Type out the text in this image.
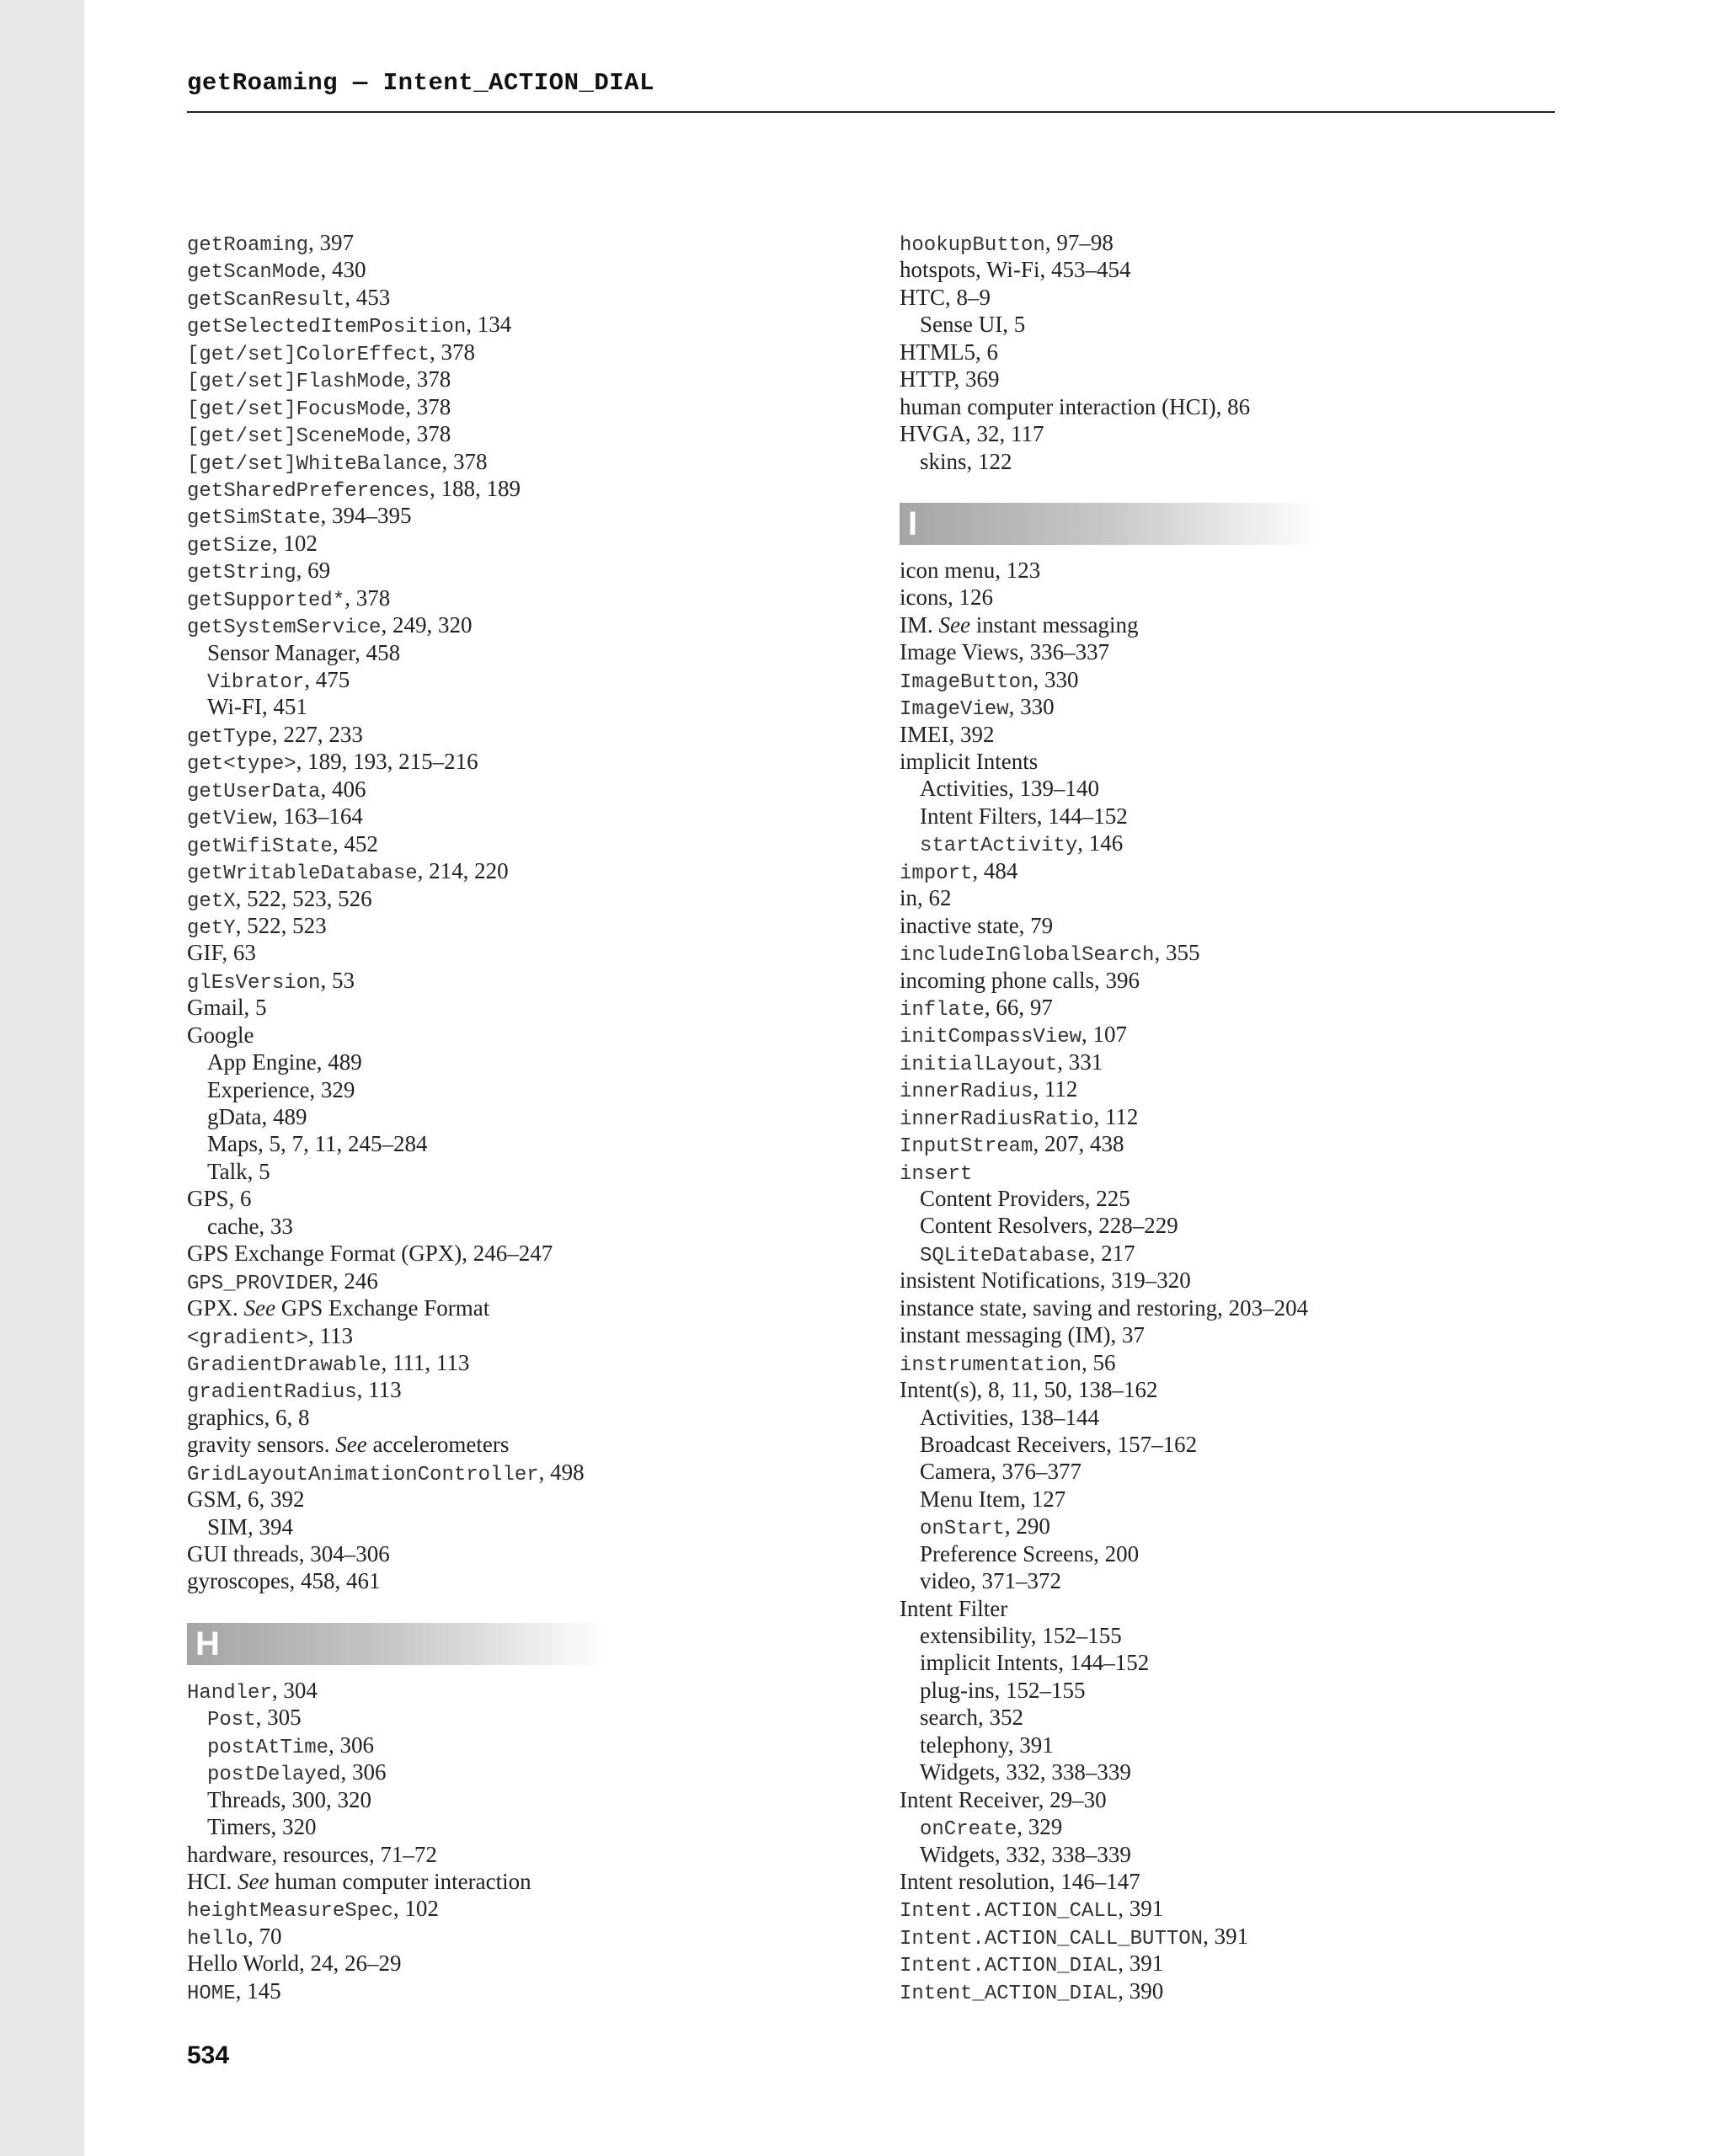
getRoaming — Intent_ACTION_DIAL
getRoaming, 397
getScanMode, 430
getScanResult, 453
getSelectedItemPosition, 134
[get/set]ColorEffect, 378
[get/set]FlashMode, 378
[get/set]FocusMode, 378
[get/set]SceneMode, 378
[get/set]WhiteBalance, 378
getSharedPreferences, 188, 189
getSimState, 394–395
getSize, 102
getString, 69
getSupported*, 378
getSystemService, 249, 320
Sensor Manager, 458
Vibrator, 475
Wi-FI, 451
getType, 227, 233
get<type>, 189, 193, 215–216
getUserData, 406
getView, 163–164
getWifiState, 452
getWritableDatabase, 214, 220
getX, 522, 523, 526
getY, 522, 523
GIF, 63
glEsVersion, 53
Gmail, 5
Google
App Engine, 489
Experience, 329
gData, 489
Maps, 5, 7, 11, 245–284
Talk, 5
GPS, 6
cache, 33
GPS Exchange Format (GPX), 246–247
GPS_PROVIDER, 246
GPX. See GPS Exchange Format
<gradient>, 113
GradientDrawable, 111, 113
gradientRadius, 113
graphics, 6, 8
gravity sensors. See accelerometers
GridLayoutAnimationController, 498
GSM, 6, 392
SIM, 394
GUI threads, 304–306
gyroscopes, 458, 461
H
Handler, 304
Post, 305
postAtTime, 306
postDelayed, 306
Threads, 300, 320
Timers, 320
hardware, resources, 71–72
HCI. See human computer interaction
heightMeasureSpec, 102
hello, 70
Hello World, 24, 26–29
HOME, 145
hookupButton, 97–98
hotspots, Wi-Fi, 453–454
HTC, 8–9
Sense UI, 5
HTML5, 6
HTTP, 369
human computer interaction (HCI), 86
HVGA, 32, 117
skins, 122
I
icon menu, 123
icons, 126
IM. See instant messaging
Image Views, 336–337
ImageButton, 330
ImageView, 330
IMEI, 392
implicit Intents
Activities, 139–140
Intent Filters, 144–152
startActivity, 146
import, 484
in, 62
inactive state, 79
includeInGlobalSearch, 355
incoming phone calls, 396
inflate, 66, 97
initCompassView, 107
initialLayout, 331
innerRadius, 112
innerRadiusRatio, 112
InputStream, 207, 438
insert
Content Providers, 225
Content Resolvers, 228–229
SQLiteDatabase, 217
insistent Notifications, 319–320
instance state, saving and restoring, 203–204
instant messaging (IM), 37
instrumentation, 56
Intent(s), 8, 11, 50, 138–162
Activities, 138–144
Broadcast Receivers, 157–162
Camera, 376–377
Menu Item, 127
onStart, 290
Preference Screens, 200
video, 371–372
Intent Filter
extensibility, 152–155
implicit Intents, 144–152
plug-ins, 152–155
search, 352
telephony, 391
Widgets, 332, 338–339
Intent Receiver, 29–30
onCreate, 329
Widgets, 332, 338–339
Intent resolution, 146–147
Intent.ACTION_CALL, 391
Intent.ACTION_CALL_BUTTON, 391
Intent.ACTION_DIAL, 391
Intent_ACTION_DIAL, 390
534
